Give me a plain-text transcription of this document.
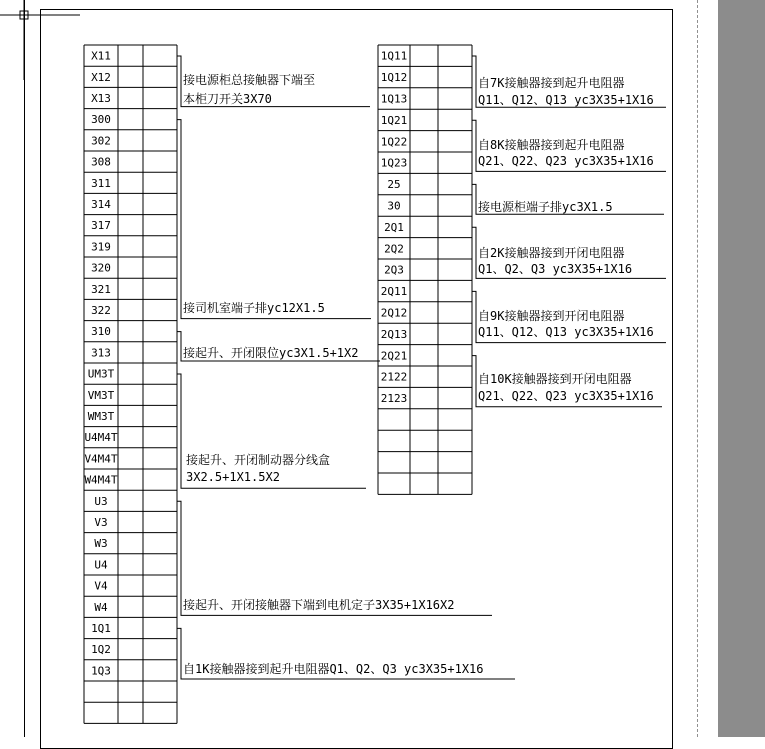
X11
X12
X13
300
302
308
311
314
317
319
320
321
322
310
313
UM3T
VM3T
WM3T
U4M4T
V4M4T
W4M4T
U3
V3
W3
U4
V4
W4
1Q1
1Q2
1Q3
接电源柜总接触器下端至
本柜刀开关3X70
接司机室端子排yc12X1.5
接起升、开闭限位yc3X1.5+1X2
接起升、开闭制动器分线盒
3X2.5+1X1.5X2
接起升、开闭接触器下端到电机定子3X35+1X16X2
自1K接触器接到起升电阻器Q1、Q2、Q3 yc3X35+1X16
1Q11
1Q12
1Q13
1Q21
1Q22
1Q23
25
30
2Q1
2Q2
2Q3
2Q11
2Q12
2Q13
2Q21
2122
2123
自7K接触器接到起升电阻器
Q11、Q12、Q13 yc3X35+1X16
自8K接触器接到起升电阻器
Q21、Q22、Q23 yc3X35+1X16
接电源柜端子排yc3X1.5
自2K接触器接到开闭电阻器
Q1、Q2、Q3 yc3X35+1X16
自9K接触器接到开闭电阻器
Q11、Q12、Q13 yc3X35+1X16
自10K接触器接到开闭电阻器
Q21、Q22、Q23 yc3X35+1X16
